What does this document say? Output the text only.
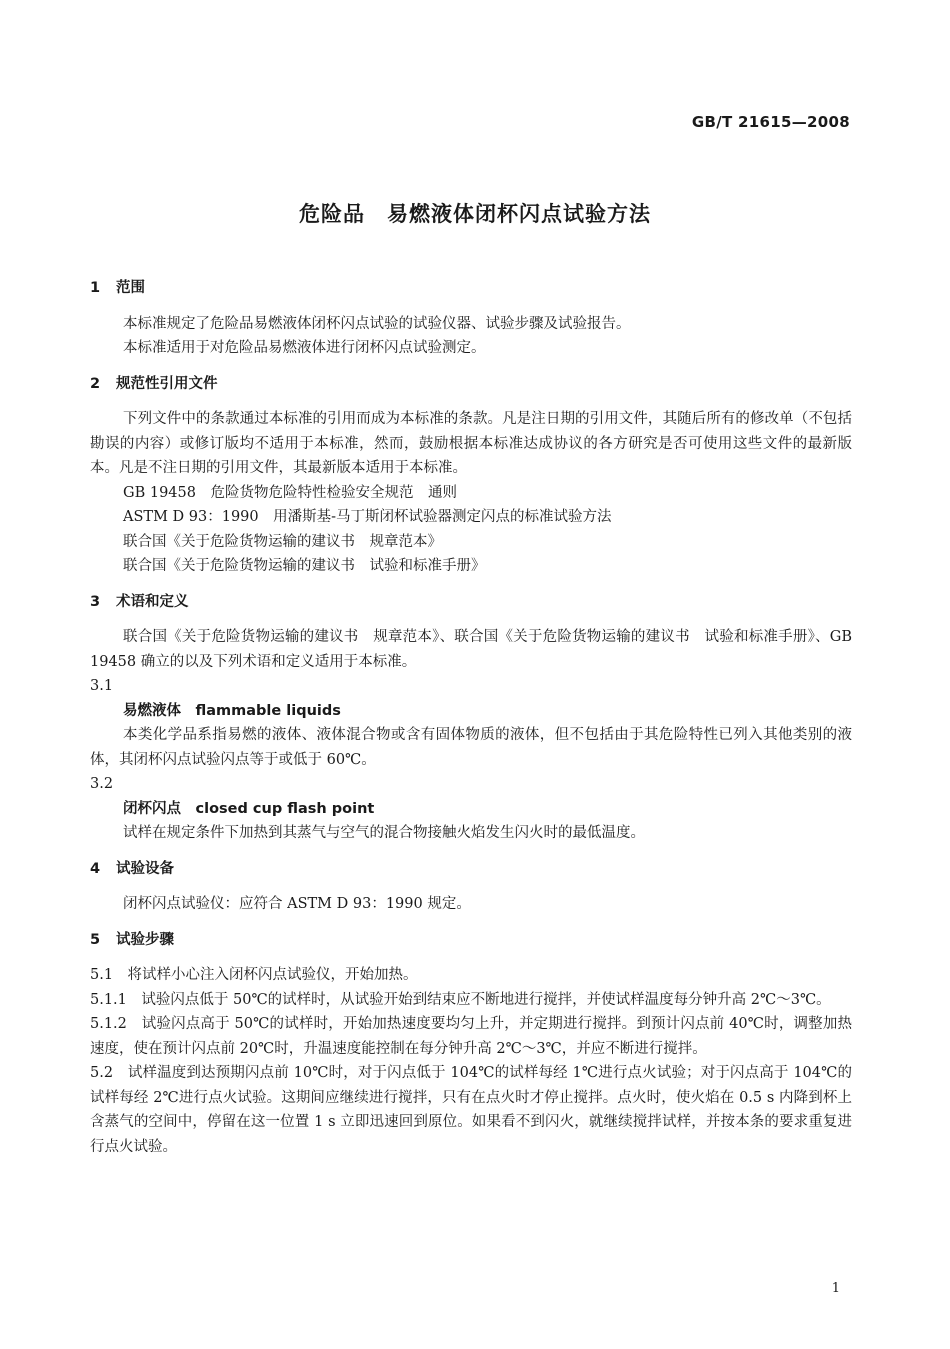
GB/T 21615—2008
危险品　易燃液体闭杯闪点试验方法
1 范围

本标准规定了危险品易燃液体闭杯闪点试验的试验仪器、试验步骤及试验报告。

本标准适用于对危险品易燃液体进行闭杯闪点试验测定。

2 规范性引用文件

下列文件中的条款通过本标准的引用而成为本标准的条款。凡是注日期的引用文件，其随后所有的修改单（不包括勘误的内容）或修订版均不适用于本标准，然而，鼓励根据本标准达成协议的各方研究是否可使用这些文件的最新版本。凡是不注日期的引用文件，其最新版本适用于本标准。

GB 19458　危险货物危险特性检验安全规范　通则

ASTM D 93：1990　用潘斯基-马丁斯闭杯试验器测定闪点的标准试验方法

联合国《关于危险货物运输的建议书　规章范本》

联合国《关于危险货物运输的建议书　试验和标准手册》

3 术语和定义

联合国《关于危险货物运输的建议书　规章范本》、联合国《关于危险货物运输的建议书　试验和标准手册》、GB 19458 确立的以及下列术语和定义适用于本标准。

3.1

易燃液体　flammable liquids

本类化学品系指易燃的液体、液体混合物或含有固体物质的液体，但不包括由于其危险特性已列入其他类别的液体，其闭杯闪点试验闪点等于或低于 60℃。

3.2

闭杯闪点　closed cup flash point

试样在规定条件下加热到其蒸气与空气的混合物接触火焰发生闪火时的最低温度。

4 试验设备

闭杯闪点试验仪：应符合 ASTM D 93：1990 规定。

5 试验步骤

5.1　将试样小心注入闭杯闪点试验仪，开始加热。

5.1.1　试验闪点低于 50℃的试样时，从试验开始到结束应不断地进行搅拌，并使试样温度每分钟升高 2℃～3℃。

5.1.2　试验闪点高于 50℃的试样时，开始加热速度要均匀上升，并定期进行搅拌。到预计闪点前 40℃时，调整加热速度，使在预计闪点前 20℃时，升温速度能控制在每分钟升高 2℃～3℃，并应不断进行搅拌。

5.2　试样温度到达预期闪点前 10℃时，对于闪点低于 104℃的试样每经 1℃进行点火试验；对于闪点高于 104℃的试样每经 2℃进行点火试验。这期间应继续进行搅拌，只有在点火时才停止搅拌。点火时，使火焰在 0.5 s 内降到杯上含蒸气的空间中，停留在这一位置 1 s 立即迅速回到原位。如果看不到闪火，就继续搅拌试样，并按本条的要求重复进行点火试验。

1
